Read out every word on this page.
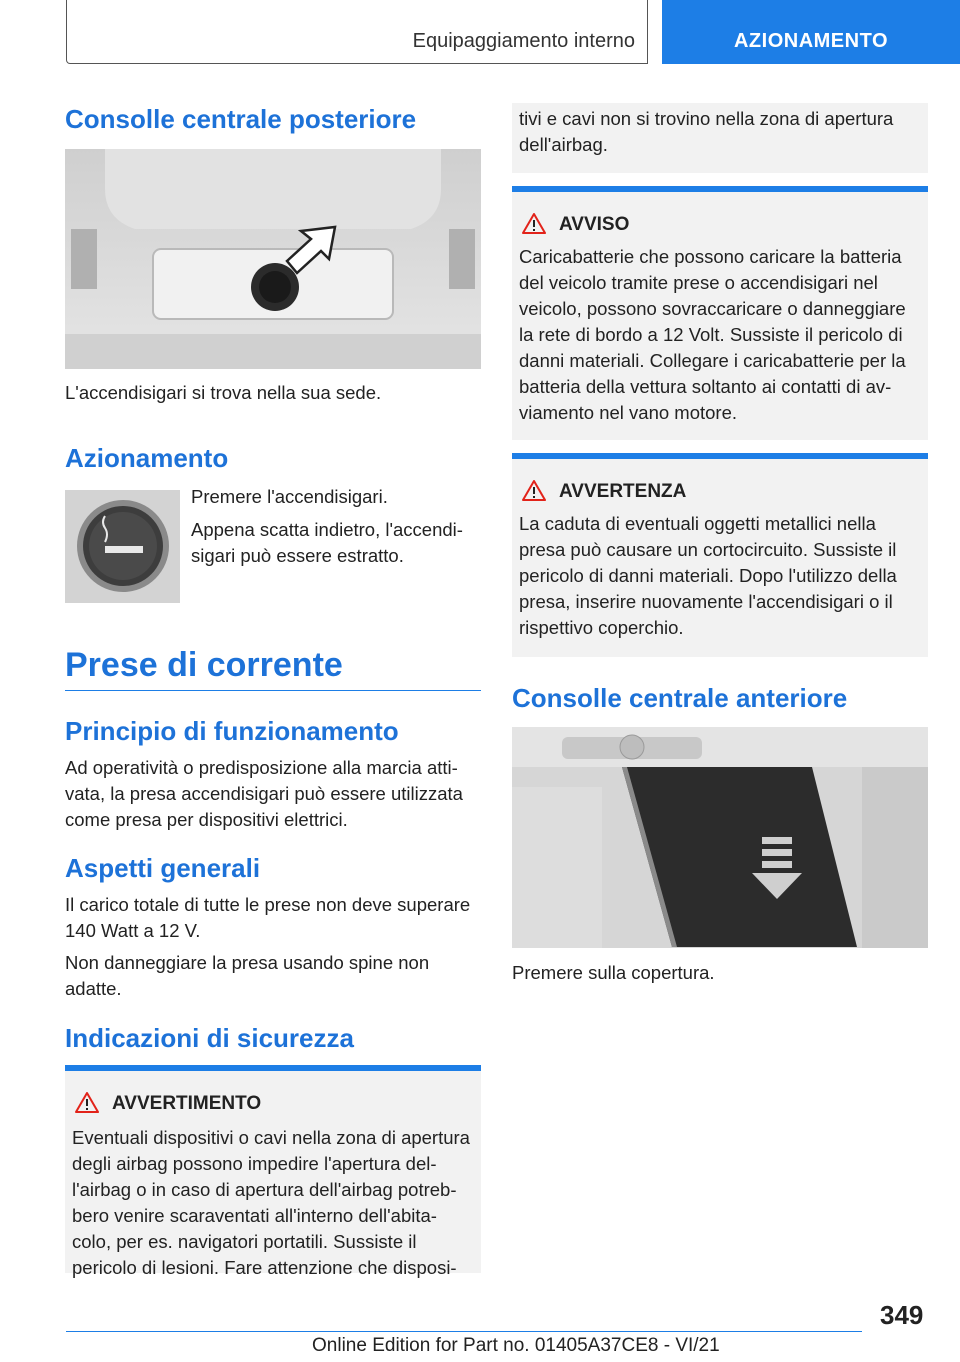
Equipaggiamento interno	AZIONAMENTO
Consolle centrale posteriore
L'accendisigari si trova nella sua sede.
Azionamento
Premere l'accendisigari.
Appena scatta indietro, l'accendi-
sigari può essere estratto.
Prese di corrente
Principio di funzionamento
Ad operatività o predisposizione alla marcia atti-
vata, la presa accendisigari può essere utilizzata
come presa per dispositivi elettrici.
Aspetti generali
Il carico totale di tutte le prese non deve superare
140 Watt a 12 V.
Non danneggiare la presa usando spine non
adatte.
Indicazioni di sicurezza
AVVERTIMENTO
Eventuali dispositivi o cavi nella zona di apertura
degli airbag possono impedire l'apertura del-
l'airbag o in caso di apertura dell'airbag potreb-
bero venire scaraventati all'interno dell'abita-
colo, per es. navigatori portatili. Sussiste il
pericolo di lesioni. Fare attenzione che disposi-
tivi e cavi non si trovino nella zona di apertura
dell'airbag.
AVVISO
Caricabatterie che possono caricare la batteria
del veicolo tramite prese o accendisigari nel
veicolo, possono sovraccaricare o danneggiare
la rete di bordo a 12 Volt. Sussiste il pericolo di
danni materiali. Collegare i caricabatterie per la
batteria della vettura soltanto ai contatti di av-
viamento nel vano motore.
AVVERTENZA
La caduta di eventuali oggetti metallici nella
presa può causare un cortocircuito. Sussiste il
pericolo di danni materiali. Dopo l'utilizzo della
presa, inserire nuovamente l'accendisigari o il
rispettivo coperchio.
Consolle centrale anteriore
Premere sulla copertura.
349
Online Edition for Part no. 01405A37CE8 - VI/21
